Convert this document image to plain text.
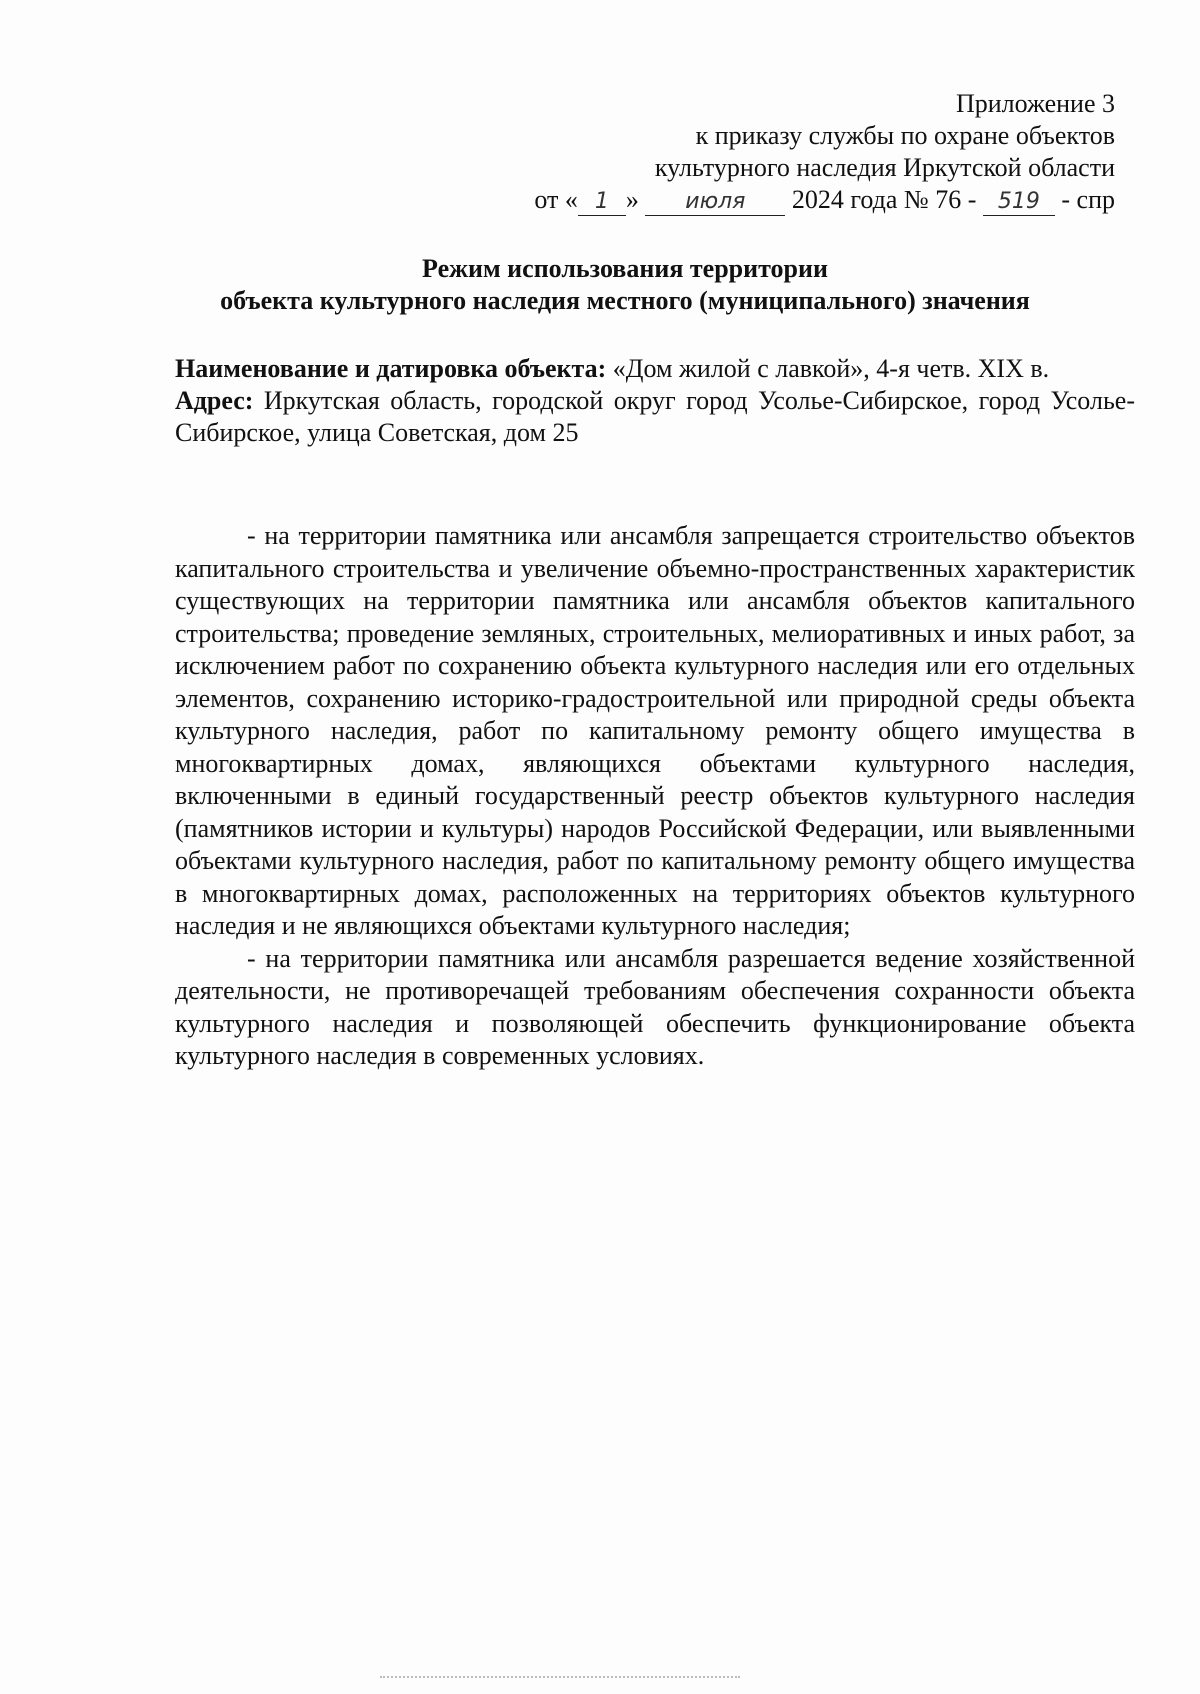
Приложение 3
к приказу службы по охране объектов
культурного наследия Иркутской области
от « 1 » июля 2024 года № 76 - 519 - спр
Режим использования территории
объекта культурного наследия местного (муниципального) значения

Наименование и датировка объекта: «Дом жилой с лавкой», 4-я четв. XIX в.

Адрес: Иркутская область, городской округ город Усолье-Сибирское, город Усолье-Сибирское, улица Советская, дом 25

- на территории памятника или ансамбля запрещается строительство объектов капитального строительства и увеличение объемно-пространственных характеристик существующих на территории памятника или ансамбля объектов капитального строительства; проведение земляных, строительных, мелиоративных и иных работ, за исключением работ по сохранению объекта культурного наследия или его отдельных элементов, сохранению историко-градостроительной или природной среды объекта культурного наследия, работ по капитальному ремонту общего имущества в многоквартирных домах, являющихся объектами культурного наследия, включенными в единый государственный реестр объектов культурного наследия (памятников истории и культуры) народов Российской Федерации, или выявленными объектами культурного наследия, работ по капитальному ремонту общего имущества в многоквартирных домах, расположенных на территориях объектов культурного наследия и не являющихся объектами культурного наследия;

- на территории памятника или ансамбля разрешается ведение хозяйственной деятельности, не противоречащей требованиям обеспечения сохранности объекта культурного наследия и позволяющей обеспечить функционирование объекта культурного наследия в современных условиях.
